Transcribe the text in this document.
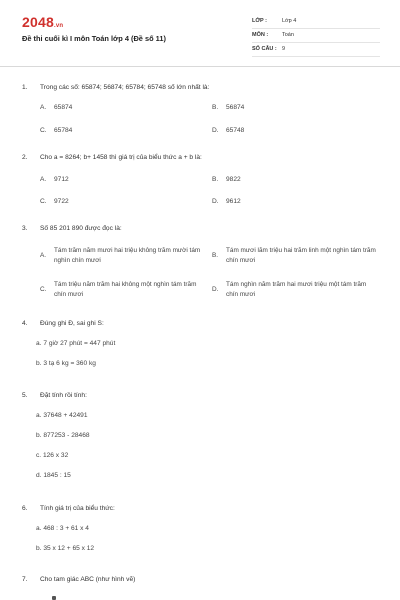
2048.vn
Đề thi cuối kì I môn Toán lớp 4 (Đề số 11)
LỚP :	Lớp 4
MÔN :	Toán
SỐ CÂU : 9
1. Trong các số: 65874; 56874; 65784; 65748 số lớn nhất là:
A. 65874	B. 56874
C. 65784	D. 65748
2. Cho a = 8264; b+ 1458 thì giá trị của biểu thức a + b là:
A. 9712	B. 9822
C. 9722	D. 9612
3. Số 85 201 890 được đọc là:
A.
Tám trăm năm mươi hai triệu không trăm mười tám nghìn chín mươi
B.
Tám mươi lăm triệu hai trăm linh một nghìn tám trăm chín mươi
C.
Tám triệu năm trăm hai không một nghìn tám trăm chín mươi
D.
Tám nghìn năm trăm hai mươi triệu một tám trăm chín mươi
4. Đúng ghi Đ, sai ghi S:
a. 7 giờ 27 phút = 447 phút
b. 3 tạ 6 kg = 360 kg
5. Đặt tính rồi tính:
a. 37648 + 42491
b. 877253 - 28468
c. 126 x 32
d. 1845 : 15
6. Tính giá trị của biểu thức:
a. 468 : 3 + 61 x 4
b. 35 x 12 + 65 x 12
7. Cho tam giác ABC (như hình vẽ)
